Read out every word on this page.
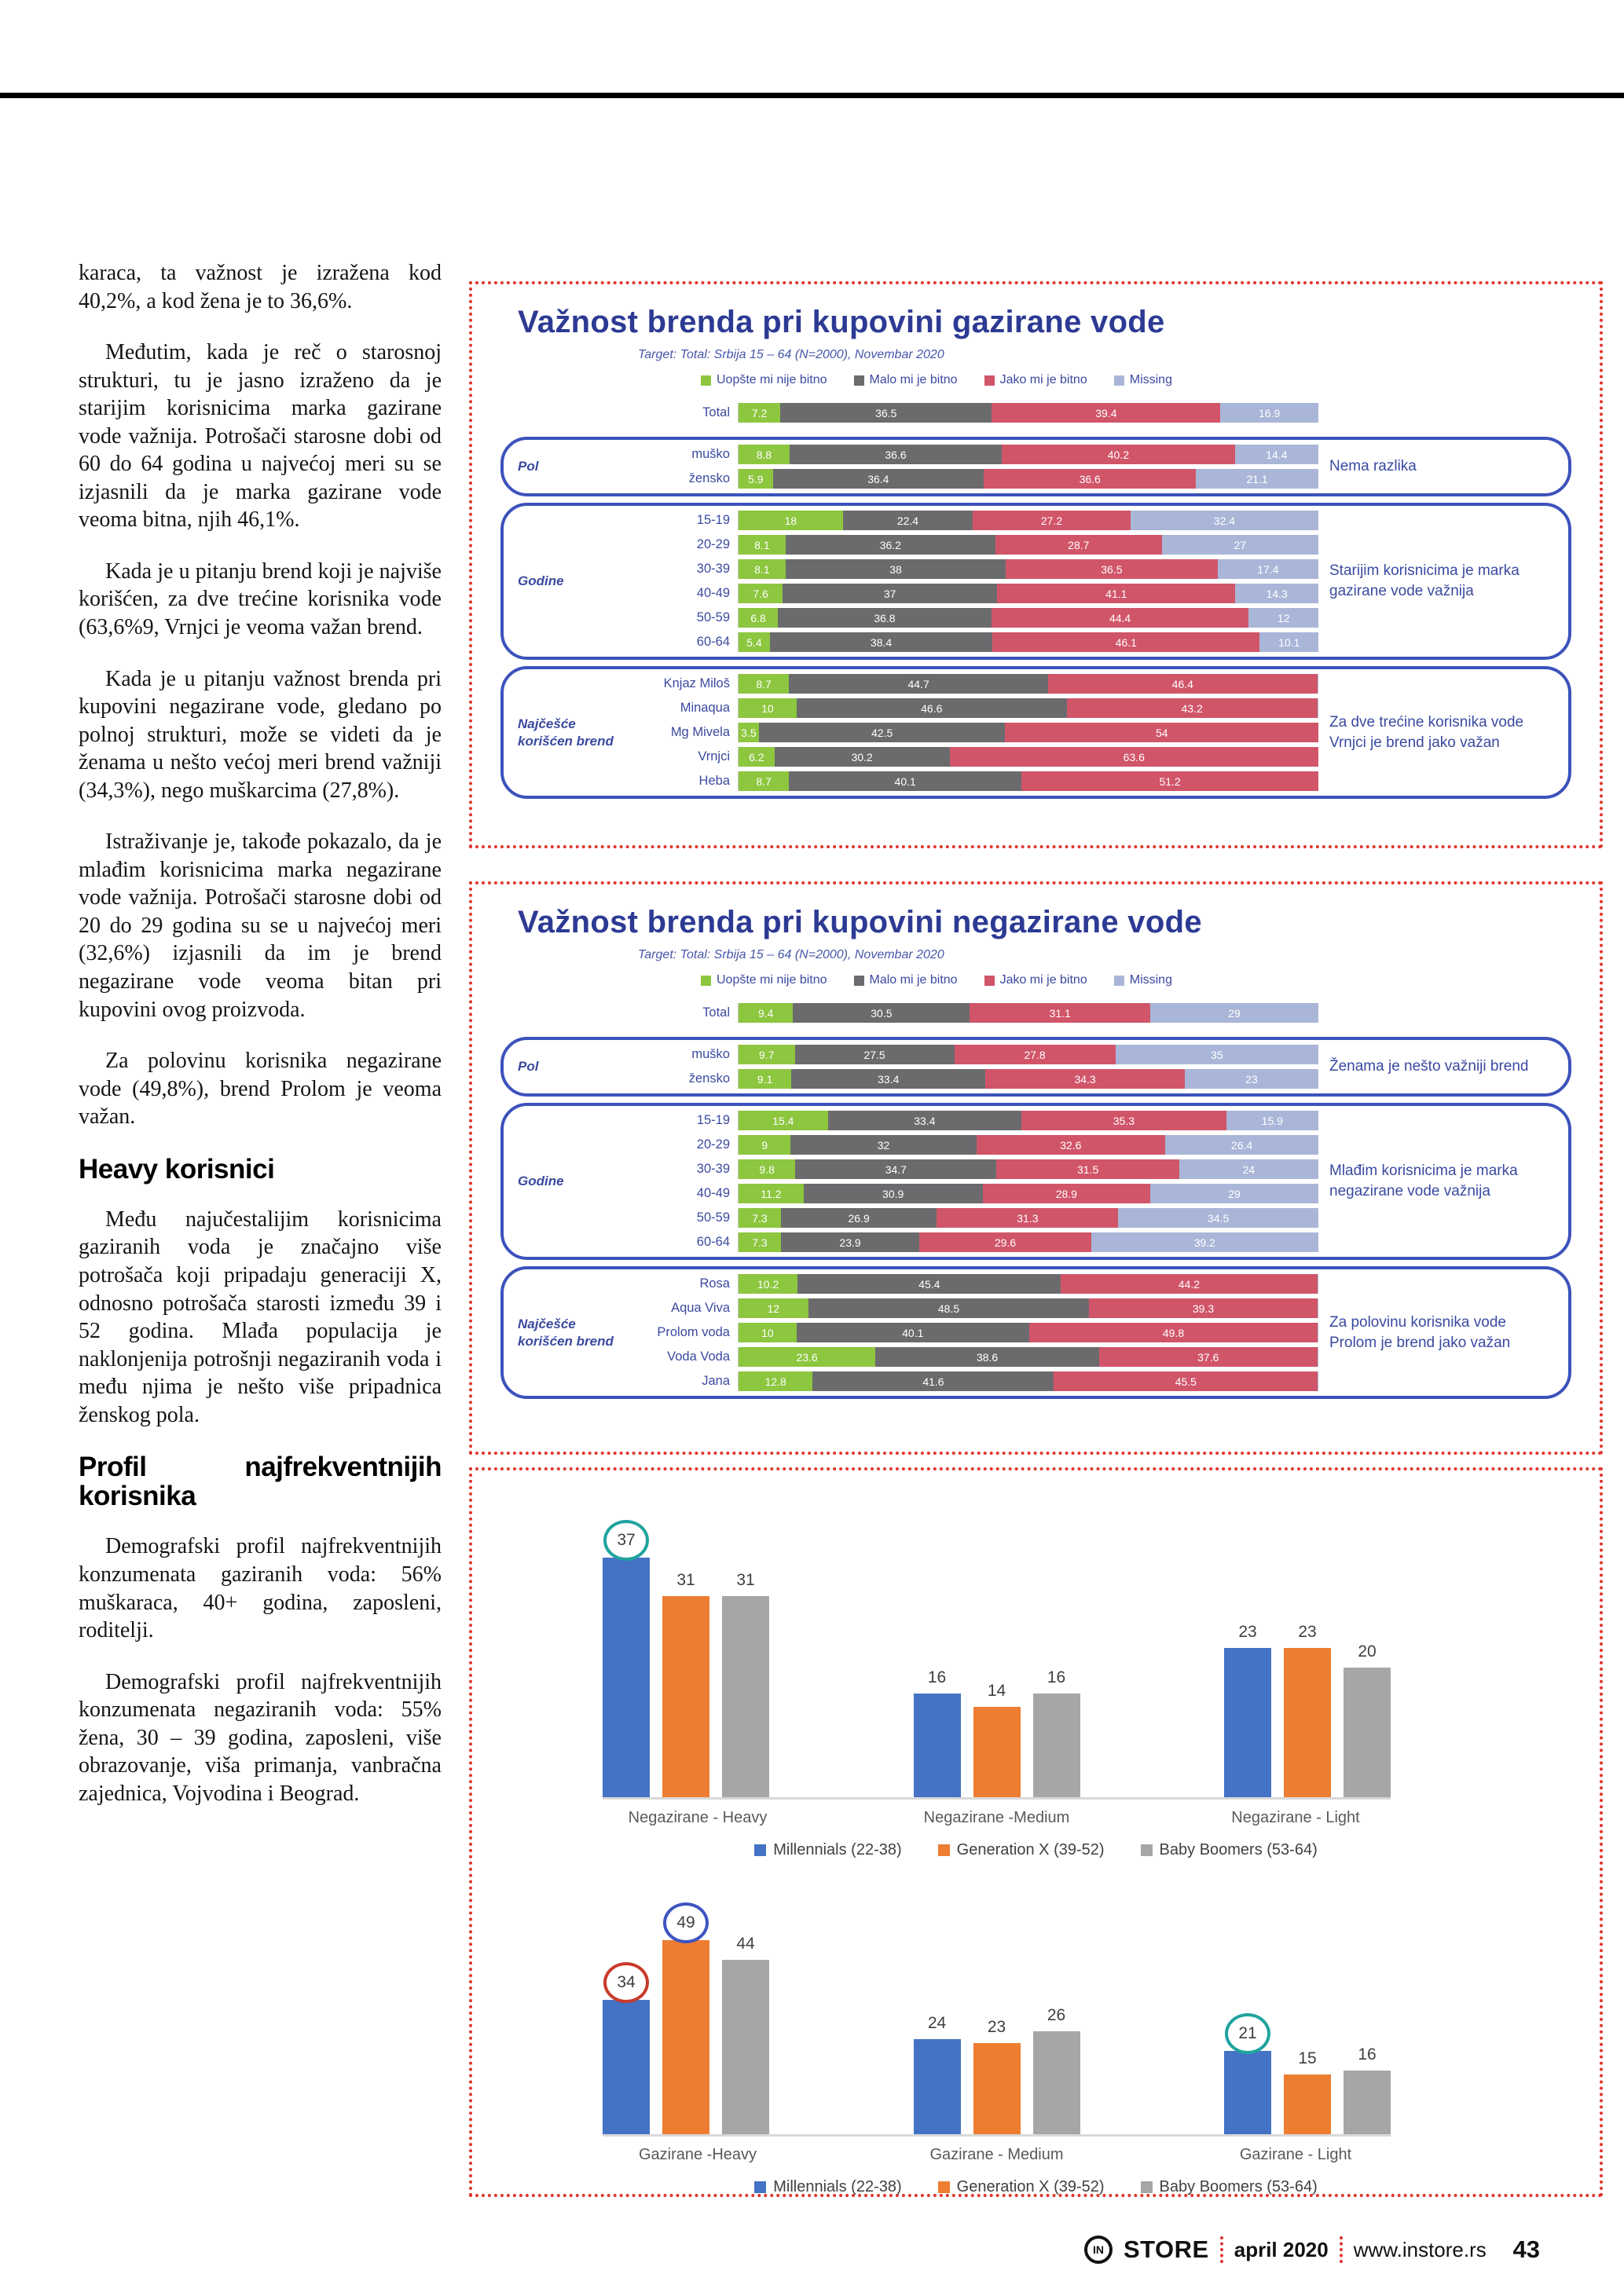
karaca, ta važnost je izražena kod 40,2%, a kod žena je to 36,6%.

Međutim, kada je reč o starosnoj strukturi, tu je jasno izraženo da je starijim korisnicima marka gazirane vode važnija. Potrošači starosne dobi od 60 do 64 godina u najvećoj meri su se izjasnili da je marka gazirane vode veoma bitna, njih 46,1%.

Kada je u pitanju brend koji je najviše korišćen, za dve trećine korisnika vode (63,6%9, Vrnjci je veoma važan brend.

Kada je u pitanju važnost brenda pri kupovini negazirane vode, gledano po polnoj strukturi, može se videti da je ženama u nešto većoj meri brend važniji (34,3%), nego muškarcima (27,8%).

Istraživanje je, takođe pokazalo, da je mlađim korisnicima marka negazirane vode važnija. Potrošači starosne dobi od 20 do 29 godina su se u najvećoj meri (32,6%) izjasnili da im je brend negazirane vode veoma bitan pri kupovini ovog proizvoda.

Za polovinu korisnika negazirane vode (49,8%), brend Prolom je veoma važan.

Heavy korisnici

Među najučestalijim korisnicima gaziranih voda je značajno više potrošača koji pripadaju generaciji X, odnosno potrošača starosti između 39 i 52 godina. Mlađa populacija je naklonjenija potrošnji negaziranih voda i među njima je nešto više pripadnica ženskog pola.

Profil najfrekventnijih korisnika

Demografski profil najfrekventnijih konzumenata gaziranih voda: 56% muškaraca, 40+ godina, zaposleni, roditelji.

Demografski profil najfrekventnijih konzumenata negaziranih voda: 55% žena, 30 – 39 godina, zaposleni, više obrazovanje, viša primanja, vanbračna zajednica, Vojvodina i Beograd.

Važnost brenda pri kupovini gazirane vode
Target: Total: Srbija 15 – 64 (N=2000), Novembar 2020
Uopšte mi nije bitno	Malo mi je bitno	Jako mi je bitno	Missing
Total	7.2	36.5	39.4	16.9
Pol
muško	8.8	36.6	40.2	14.4
žensko	5.9	36.4	36.6	21.1
Nema razlika
Godine
15-19	18	22.4	27.2	32.4
20-29	8.1	36.2	28.7	27
30-39	8.1	38	36.5	17.4
40-49	7.6	37	41.1	14.3
50-59	6.8	36.8	44.4	12
60-64	5.4	38.4	46.1	10.1
Starijim korisnicima je marka gazirane vode važnija
Najčešće korišćen brend
Knjaz Miloš	8.7	44.7	46.4
Minaqua	10	46.6	43.2
Mg Mivela 3.5	42.5	54
Vrnjci	6.2	30.2	63.6
Heba	8.7	40.1	51.2
Za dve trećine korisnika vode Vrnjci je brend jako važan
Važnost brenda pri kupovini negazirane vode
Target: Total: Srbija 15 – 64 (N=2000), Novembar 2020
Uopšte mi nije bitno	Malo mi je bitno	Jako mi je bitno	Missing
Total	9.4	30.5	31.1	29
Pol
muško	9.7	27.5	27.8	35
žensko	9.1	33.4	34.3	23
Ženama je nešto važniji brend
Godine
15-19	15.4	33.4	35.3	15.9
20-29	9	32	32.6	26.4
30-39	9.8	34.7	31.5	24
40-49	11.2	30.9	28.9	29
50-59	7.3	26.9	31.3	34.5
60-64	7.3	23.9	29.6	39.2
Mlađim korisnicima je marka negazirane vode važnija
Najčešće korišćen brend
Rosa	10.2	45.4	44.2
Aqua Viva	12	48.5	39.3
Prolom voda	10	40.1	49.8
Voda Voda	23.6	38.6	37.6
Jana	12.8	41.6	45.5
Za polovinu korisnika vode Prolom je brend jako važan
37
31	31
16
14
16
23	23
20
Negazirane - Heavy	Negazirane -Medium	Negazirane - Light
Millennials (22-38)	Generation X (39-52)	Baby Boomers (53-64)
34
49
44
24	23
26
21
15	16
Gazirane -Heavy	Gazirane - Medium	Gazirane - Light
Millennials (22-38)	Generation X (39-52)	Baby Boomers (53-64)
IN STORE april 2020 www.instore.rs 43
